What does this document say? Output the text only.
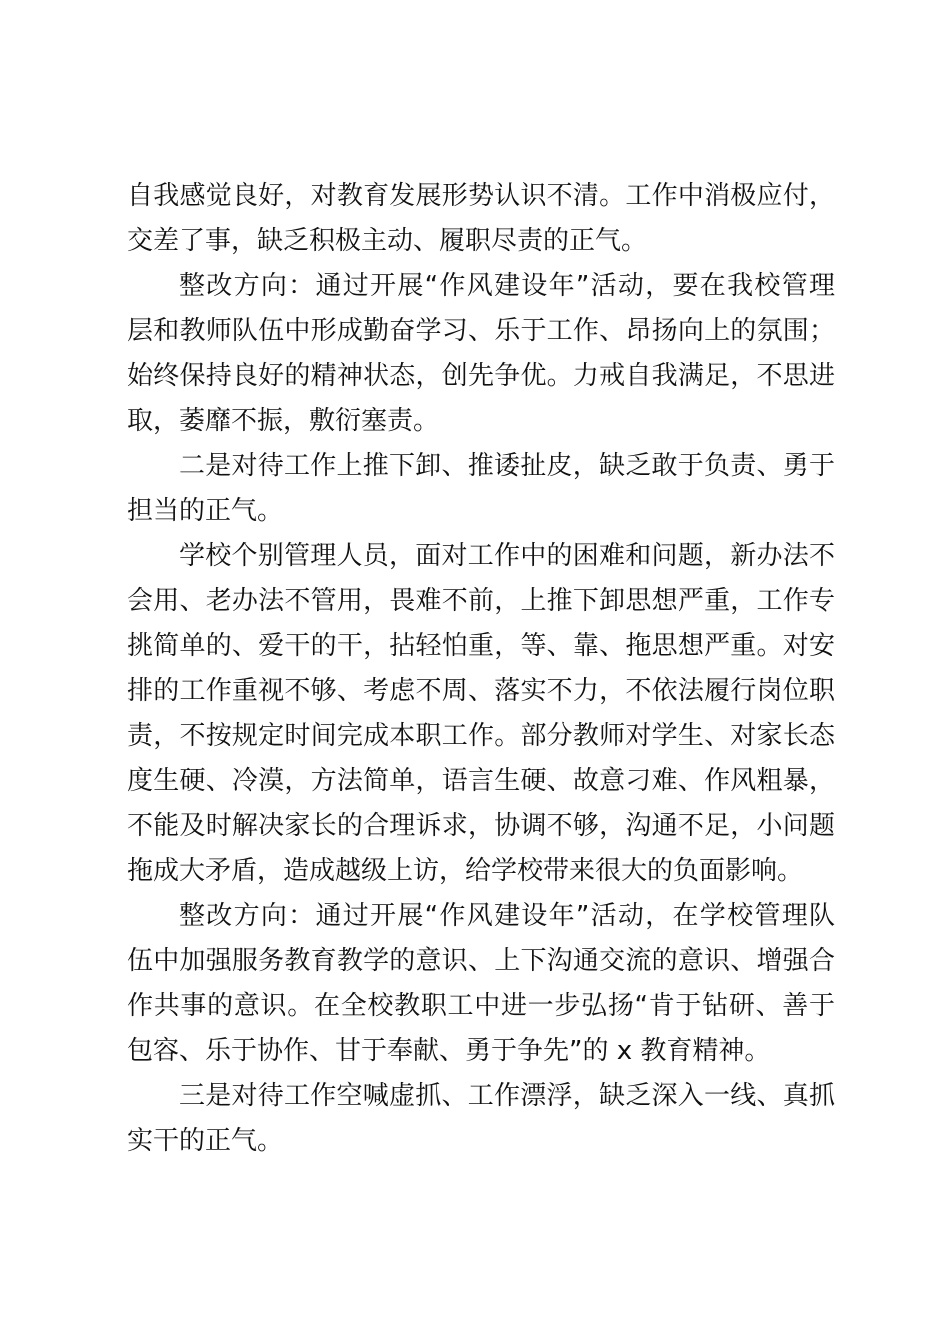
自我感觉良好，对教育发展形势认识不清。工作中消极应付，
交差了事，缺乏积极主动、履职尽责的正气。
整改方向：通过开展“作风建设年”活动，要在我校管理
层和教师队伍中形成勤奋学习、乐于工作、昂扬向上的氛围；
始终保持良好的精神状态，创先争优。力戒自我满足，不思进
取，萎靡不振，敷衍塞责。
二是对待工作上推下卸、推诿扯皮，缺乏敢于负责、勇于
担当的正气。
学校个别管理人员，面对工作中的困难和问题，新办法不
会用、老办法不管用，畏难不前，上推下卸思想严重，工作专
挑简单的、爱干的干，拈轻怕重，等、靠、拖思想严重。对安
排的工作重视不够、考虑不周、落实不力，不依法履行岗位职
责，不按规定时间完成本职工作。部分教师对学生、对家长态
度生硬、冷漠，方法简单，语言生硬、故意刁难、作风粗暴，
不能及时解决家长的合理诉求，协调不够，沟通不足，小问题
拖成大矛盾，造成越级上访，给学校带来很大的负面影响。
整改方向：通过开展“作风建设年”活动，在学校管理队
伍中加强服务教育教学的意识、上下沟通交流的意识、增强合
作共事的意识。在全校教职工中进一步弘扬“肯于钻研、善于
包容、乐于协作、甘于奉献、勇于争先”的 x 教育精神。
三是对待工作空喊虚抓、工作漂浮，缺乏深入一线、真抓
实干的正气。
